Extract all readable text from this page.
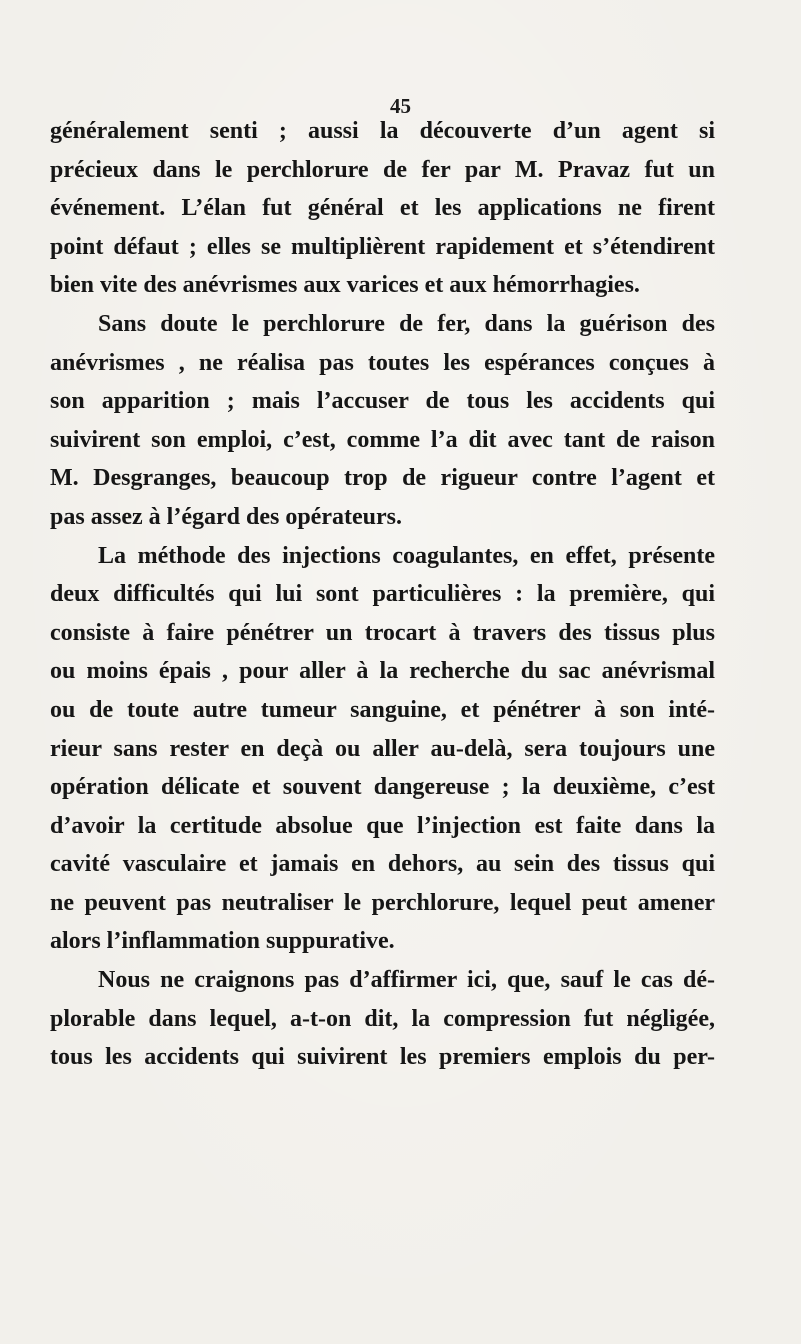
45
généralement senti ; aussi la découverte d’un agent si
précieux dans le perchlorure de fer par M. Pravaz fut un
événement. L’élan fut général et les applications ne firent
point défaut ; elles se multiplièrent rapidement et s’étendirent
bien vite des anévrismes aux varices et aux hémorrhagies.
Sans doute le perchlorure de fer, dans la guérison des
anévrismes , ne réalisa pas toutes les espérances conçues à
son apparition ; mais l’accuser de tous les accidents qui
suivirent son emploi, c’est, comme l’a dit avec tant de raison
M. Desgranges, beaucoup trop de rigueur contre l’agent et
pas assez à l’égard des opérateurs.
La méthode des injections coagulantes, en effet, présente
deux difficultés qui lui sont particulières : la première, qui
consiste à faire pénétrer un trocart à travers des tissus plus
ou moins épais , pour aller à la recherche du sac anévrismal
ou de toute autre tumeur sanguine, et pénétrer à son inté-
rieur sans rester en deçà ou aller au-delà, sera toujours une
opération délicate et souvent dangereuse ; la deuxième, c’est
d’avoir la certitude absolue que l’injection est faite dans la
cavité vasculaire et jamais en dehors, au sein des tissus qui
ne peuvent pas neutraliser le perchlorure, lequel peut amener
alors l’inflammation suppurative.
Nous ne craignons pas d’affirmer ici, que, sauf le cas dé-
plorable dans lequel, a-t-on dit, la compression fut négligée,
tous les accidents qui suivirent les premiers emplois du per-
